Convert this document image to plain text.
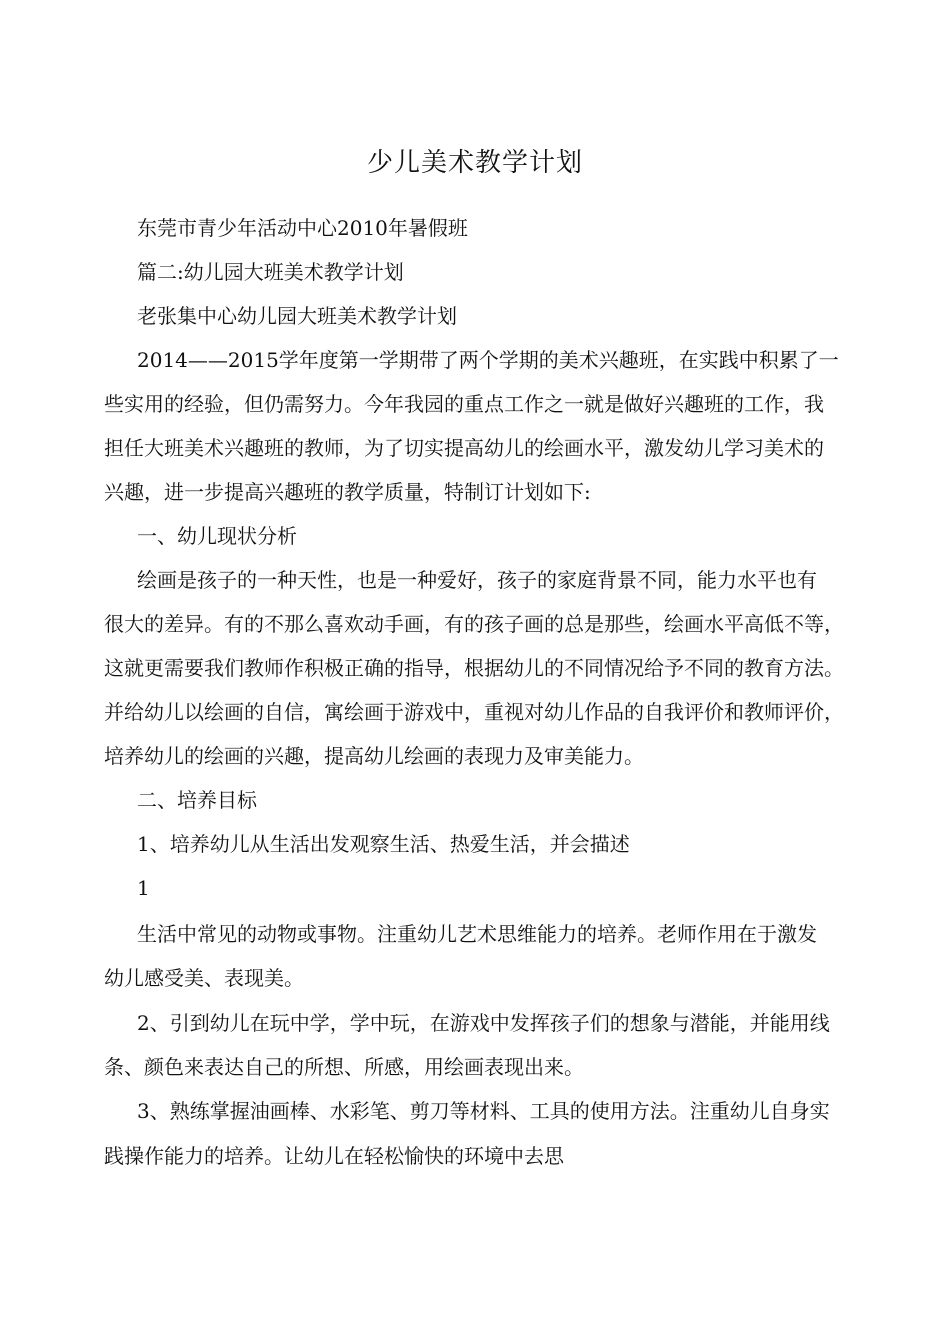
少儿美术教学计划
东莞市青少年活动中心2010年暑假班
篇二:幼儿园大班美术教学计划
老张集中心幼儿园大班美术教学计划
2014——2015学年度第一学期带了两个学期的美术兴趣班，在实践中积累了一
些实用的经验，但仍需努力。今年我园的重点工作之一就是做好兴趣班的工作，我
担任大班美术兴趣班的教师，为了切实提高幼儿的绘画水平，激发幼儿学习美术的
兴趣，进一步提高兴趣班的教学质量，特制订计划如下:
一、幼儿现状分析
绘画是孩子的一种天性，也是一种爱好，孩子的家庭背景不同，能力水平也有
很大的差异。有的不那么喜欢动手画，有的孩子画的总是那些，绘画水平高低不等，
这就更需要我们教师作积极正确的指导，根据幼儿的不同情况给予不同的教育方法。
并给幼儿以绘画的自信，寓绘画于游戏中，重视对幼儿作品的自我评价和教师评价，
培养幼儿的绘画的兴趣，提高幼儿绘画的表现力及审美能力。
二、培养目标
1、培养幼儿从生活出发观察生活、热爱生活，并会描述
1
生活中常见的动物或事物。注重幼儿艺术思维能力的培养。老师作用在于激发
幼儿感受美、表现美。
2、引到幼儿在玩中学，学中玩，在游戏中发挥孩子们的想象与潜能，并能用线
条、颜色来表达自己的所想、所感，用绘画表现出来。
3、熟练掌握油画棒、水彩笔、剪刀等材料、工具的使用方法。注重幼儿自身实
践操作能力的培养。让幼儿在轻松愉快的环境中去思
